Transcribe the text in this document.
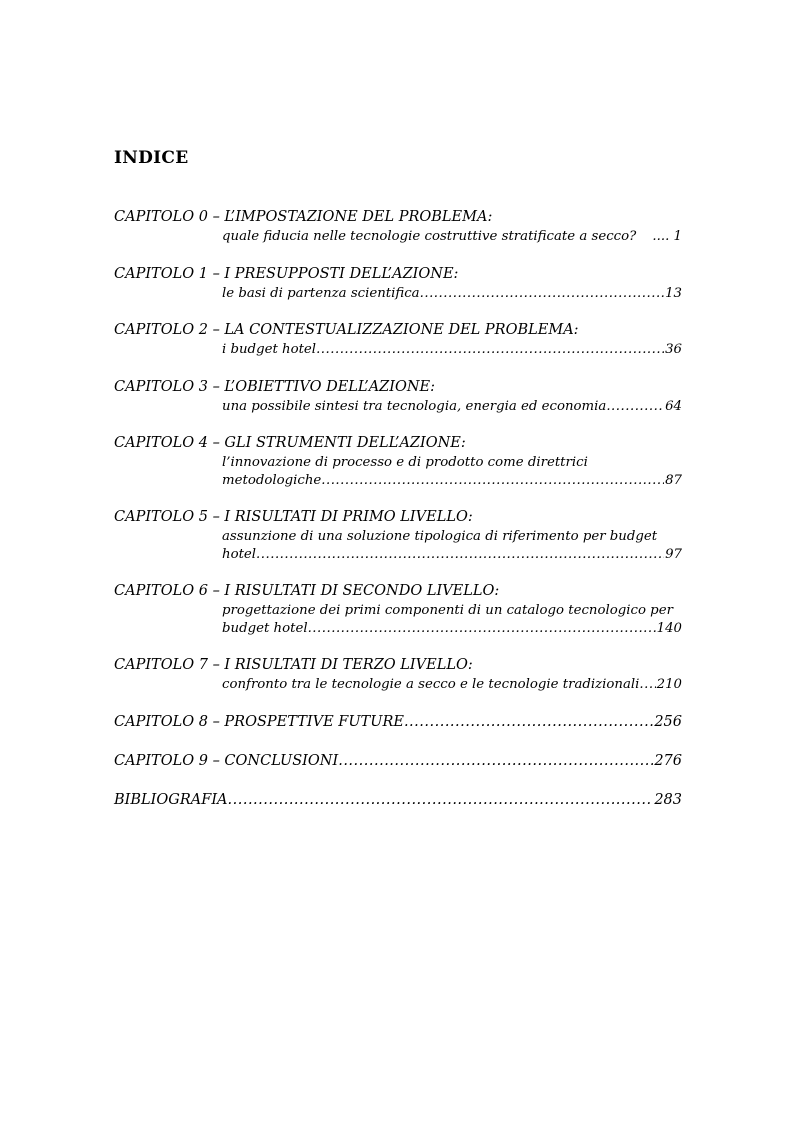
INDICE
CAPITOLO 0 – L’IMPOSTAZIONE DEL PROBLEMA:
quale fiducia nelle tecnologie costruttive stratificate a secco?	.... 1
CAPITOLO 1 – I PRESUPPOSTI DELL’AZIONE:
le basi di partenza scientifica .....	13
CAPITOLO 2 – LA CONTESTUALIZZAZIONE DEL PROBLEMA:
i budget hotel .....	36
CAPITOLO 3 – L’OBIETTIVO DELL’AZIONE:
una possibile sintesi tra tecnologia, energia ed economia .....	64
CAPITOLO 4 – GLI STRUMENTI DELL’AZIONE:
l’innovazione di processo e di prodotto come direttrici
metodologiche .....	87
CAPITOLO 5 – I RISULTATI DI PRIMO LIVELLO:
assunzione di una soluzione tipologica di riferimento per budget
hotel .....	97
CAPITOLO 6 – I RISULTATI DI SECONDO LIVELLO:
progettazione dei primi componenti di un catalogo tecnologico per
budget hotel .....	140
CAPITOLO 7 – I RISULTATI DI TERZO LIVELLO:
confronto tra le tecnologie a secco e le tecnologie tradizionali ..... 210
CAPITOLO 8 – PROSPETTIVE FUTURE .....	256
CAPITOLO 9 – CONCLUSIONI .....	276
BIBLIOGRAFIA .....	283
